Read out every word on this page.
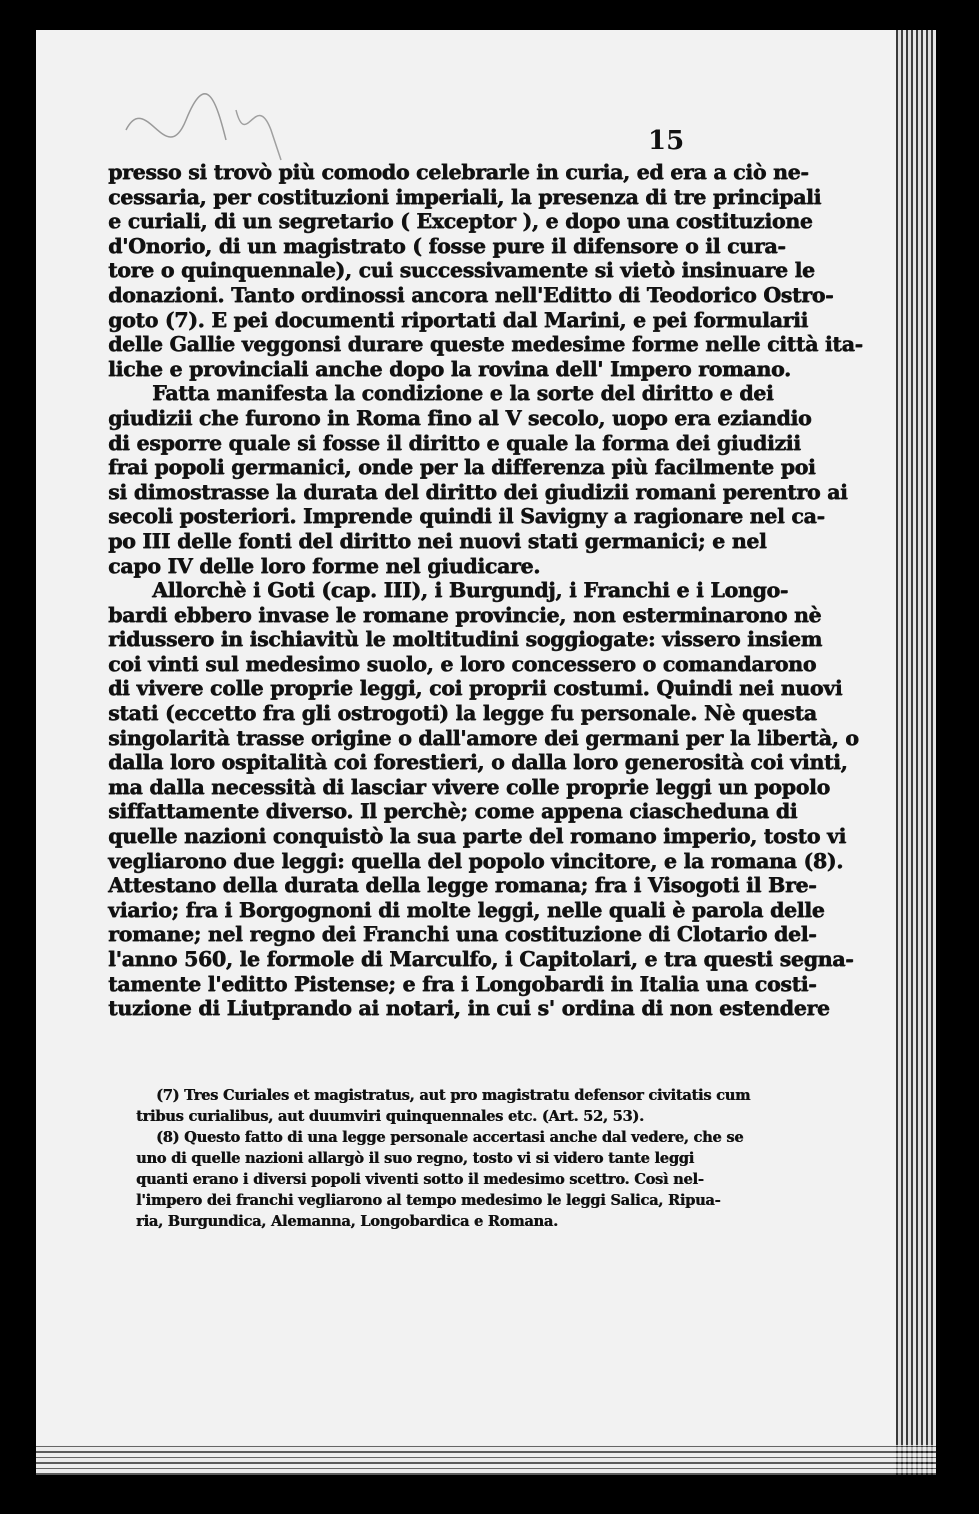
15
presso si trovò più comodo celebrarle in curia, ed era a ciò ne-
cessaria, per costituzioni imperiali, la presenza di tre principali
e curiali, di un segretario ( Exceptor ), e dopo una costituzione
d'Onorio, di un magistrato ( fosse pure il difensore o il cura-
tore o quinquennale), cui successivamente si vietò insinuare le
donazioni. Tanto ordinossi ancora nell'Editto di Teodorico Ostro-
goto (7). E pei documenti riportati dal Marini, e pei formularii
delle Gallie veggonsi durare queste medesime forme nelle città ita-
liche e provinciali anche dopo la rovina dell' Impero romano.
Fatta manifesta la condizione e la sorte del diritto e dei
giudizii che furono in Roma fino al V secolo, uopo era eziandio
di esporre quale si fosse il diritto e quale la forma dei giudizii
frai popoli germanici, onde per la differenza più facilmente poi
si dimostrasse la durata del diritto dei giudizii romani perentro ai
secoli posteriori. Imprende quindi il Savigny a ragionare nel ca-
po III delle fonti del diritto nei nuovi stati germanici; e nel
capo IV delle loro forme nel giudicare.
Allorchè i Goti (cap. III), i Burgundj, i Franchi e i Longo-
bardi ebbero invase le romane provincie, non esterminarono nè
ridussero in ischiavitù le moltitudini soggiogate: vissero insiem
coi vinti sul medesimo suolo, e loro concessero o comandarono
di vivere colle proprie leggi, coi proprii costumi. Quindi nei nuovi
stati (eccetto fra gli ostrogoti) la legge fu personale. Nè questa
singolarità trasse origine o dall'amore dei germani per la libertà, o
dalla loro ospitalità coi forestieri, o dalla loro generosità coi vinti,
ma dalla necessità di lasciar vivere colle proprie leggi un popolo
siffattamente diverso. Il perchè; come appena ciascheduna di
quelle nazioni conquistò la sua parte del romano imperio, tosto vi
vegliarono due leggi: quella del popolo vincitore, e la romana (8).
Attestano della durata della legge romana; fra i Visogoti il Bre-
viario; fra i Borgognoni di molte leggi, nelle quali è parola delle
romane; nel regno dei Franchi una costituzione di Clotario del-
l'anno 560, le formole di Marculfo, i Capitolari, e tra questi segna-
tamente l'editto Pistense; e fra i Longobardi in Italia una costi-
tuzione di Liutprando ai notari, in cui s' ordina di non estendere
(7) Tres Curiales et magistratus, aut pro magistratu defensor civitatis cum
tribus curialibus, aut duumviri quinquennales etc. (Art. 52, 53).
(8) Questo fatto di una legge personale accertasi anche dal vedere, che se
uno di quelle nazioni allargò il suo regno, tosto vi si videro tante leggi
quanti erano i diversi popoli viventi sotto il medesimo scettro. Così nel-
l'impero dei franchi vegliarono al tempo medesimo le leggi Salica, Ripua-
ria, Burgundica, Alemanna, Longobardica e Romana.
